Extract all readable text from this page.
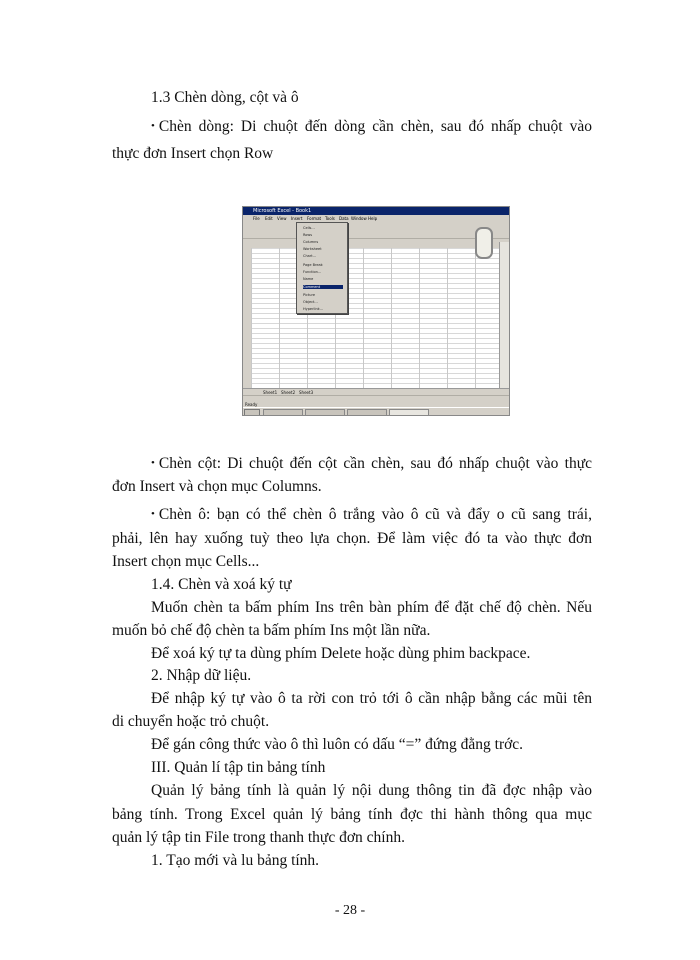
1.3 Chèn dòng, cột và ô
• Chèn dòng: Di chuột đến dòng cần chèn, sau đó nhấp chuột vào
thực đơn Insert chọn Row
Microsoft Excel - Book1
File Edit View Insert Format Tools Data Window Help
Cells...
Rows
Columns
Worksheet
Chart...
Page Break
Function...
Name
Comment
Picture
Object...
Hyperlink...
Sheet1 Sheet2 Sheet3
Ready
• Chèn cột: Di chuột đến cột cần chèn, sau đó nhấp chuột vào thực
đơn Insert và chọn mục Columns.
• Chèn ô: bạn có thể chèn ô trắng vào ô cũ và đẩy o cũ sang trái,
phải, lên hay xuống tuỳ theo lựa chọn. Để làm việc đó ta vào thực đơn
Insert chọn mục Cells...
1.4. Chèn và xoá ký tự
Muốn chèn ta bấm phím Ins trên bàn phím để đặt chế độ chèn. Nếu
muốn bỏ chế độ chèn ta bấm phím Ins một lần nữa.
Để xoá ký tự ta dùng phím Delete hoặc dùng phim backpace.
2. Nhập dữ liệu.
Để nhập ký tự vào ô ta rời con trỏ tới ô cần nhập bằng các mũi tên
di chuyển hoặc trỏ chuột.
Để gán công thức vào ô thì luôn có dấu “=” đứng đằng trớc.
III. Quản lí tập tin bảng tính
Quản lý bảng tính là quản lý nội dung thông tin đã đợc nhập vào
bảng tính. Trong Excel quản lý bảng tính đợc thi hành thông qua mục
quản lý tập tin File trong thanh thực đơn chính.
1. Tạo mới và lu bảng tính.
- 28 -
